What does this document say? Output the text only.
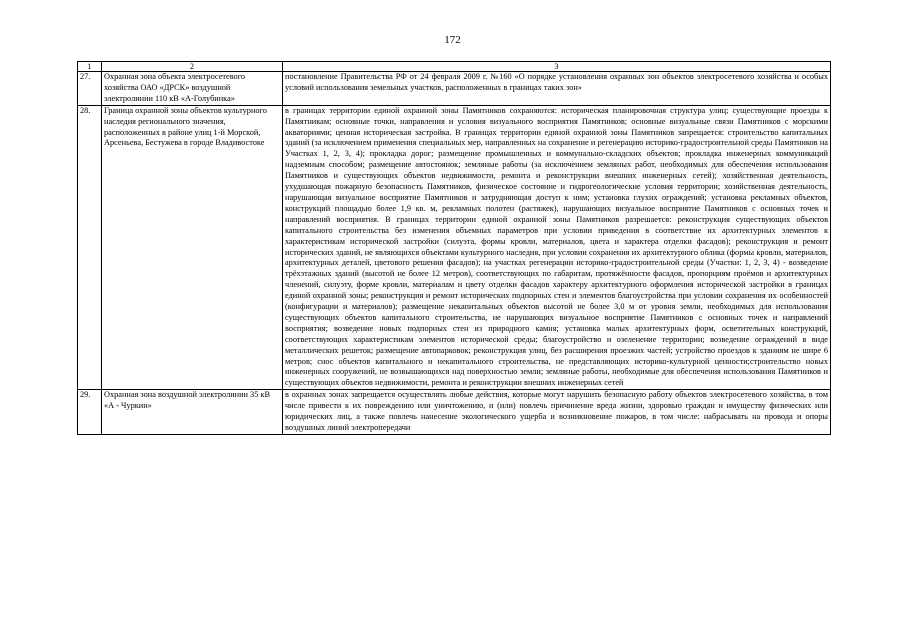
172
1	2	3
27.	Охранная зона объекта электросетевого хозяйства ОАО «ДРСК» воздушной электролинии 110 кВ «А-Голубинка»	постановление Правительства РФ от 24 февраля 2009 г. №160 «О порядке установления охранных зон объектов электросетевого хозяйства и особых условий использования земельных участков, расположенных в границах таких зон»
28.	Граница охранной зоны объектов культурного наследия регионального значения, расположенных в районе улиц 1-й Морской, Арсеньева, Бестужева в городе Владивостоке	в границах территории единой охранной зоны Памятников сохраняются: историческая планировочная структура улиц; существующие проезды к Памятникам; основные точки, направления и условия визуального восприятия Памятников; основные визуальные связи Памятников с морскими акваториями; ценная историческая застройка. В границах территории единой охранной зоны Памятников запрещается: строительство капитальных зданий (за исключением применения специальных мер, направленных на сохранение и регенерацию историко-градостроительной среды Памятников на Участках 1, 2, 3, 4); прокладка дорог; размещение промышленных и коммунально-складских объектов; прокладка инженерных коммуникаций надземным способом; размещение автостоянок; земляные работы (за исключением земляных работ, необходимых для обеспечения использования Памятников и существующих объектов недвижимости, ремонта и реконструкции внешних инженерных сетей); хозяйственная деятельность, ухудшающая пожарную безопасность Памятников, физическое состояние и гидрогеологические условия территории; хозяйственная деятельность, нарушающая визуальное восприятие Памятников и затрудняющая доступ к ним; установка глухих ограждений; установка рекламных объектов, конструкций площадью более 1,9 кв. м, рекламных полотен (растяжек), нарушающих визуальное восприятие Памятников с основных точек и направлений восприятия. В границах территории единой охранной зоны Памятников разрешается: реконструкция существующих объектов капитального строительства без изменения объемных параметров при условии приведения в соответствие их архитектурных элементов к характеристикам исторической застройки (силуэта, формы кровли, материалов, цвета и характера отделки фасадов); реконструкция и ремонт исторических зданий, не являющихся объектами культурного наследия, при условии сохранения их архитектурного облика (формы кровли, материалов, архитектурных деталей, цветового решения фасадов); на участках регенерации историко-градостроительной среды (Участки: 1, 2, 3, 4) - возведение трёхэтажных зданий (высотой не более 12 метров), соответствующих по габаритам, протяжённости фасадов, пропорциям проёмов и архитектурных членений, силуэту, форме кровли, материалам и цвету отделки фасадов характеру архитектурного оформления исторической застройки в границах единой охранной зоны; реконструкция и ремонт исторических подпорных стен и элементов благоустройства при условии сохранения их особенностей (конфигурации и материалов); размещение некапитальных объектов высотой не более 3,0 м от уровня земли, необходимых для использования существующих объектов капитального строительства, не нарушающих визуальное восприятие Памятников с основных точек и направлений восприятия; возведение новых подпорных стен из природного камня; установка малых архитектурных форм, осветительных конструкций, соответствующих характеристикам элементов исторической среды; благоустройство и озеленение территории; возведение ограждений в виде металлических решеток; размещение автопарковок; реконструкция улиц, без расширения проезжих частей; устройство проездов к зданиям не шире 6 метров; снос объектов капитального и некапитального строительства, не представляющих историко-культурной ценности;строительство новых инженерных сооружений, не возвышающихся над поверхностью земли; земляные работы, необходимые для обеспечения использования Памятников и существующих объектов недвижимости, ремонта и реконструкции внешних инженерных сетей
29.	Охранная зона воздушной электролинии 35 кВ «А - Чуркин»	в охранных зонах запрещается осуществлять любые действия, которые могут нарушить безопасную работу объектов электросетевого хозяйства, в том числе привести к их повреждению или уничтожению, и (или) повлечь причинение вреда жизни, здоровью граждан и имуществу физических или юридических лиц, а также повлечь нанесение экологического ущерба и возникновение пожаров, в том числе: набрасывать на провода и опоры воздушных линий электропередачи
